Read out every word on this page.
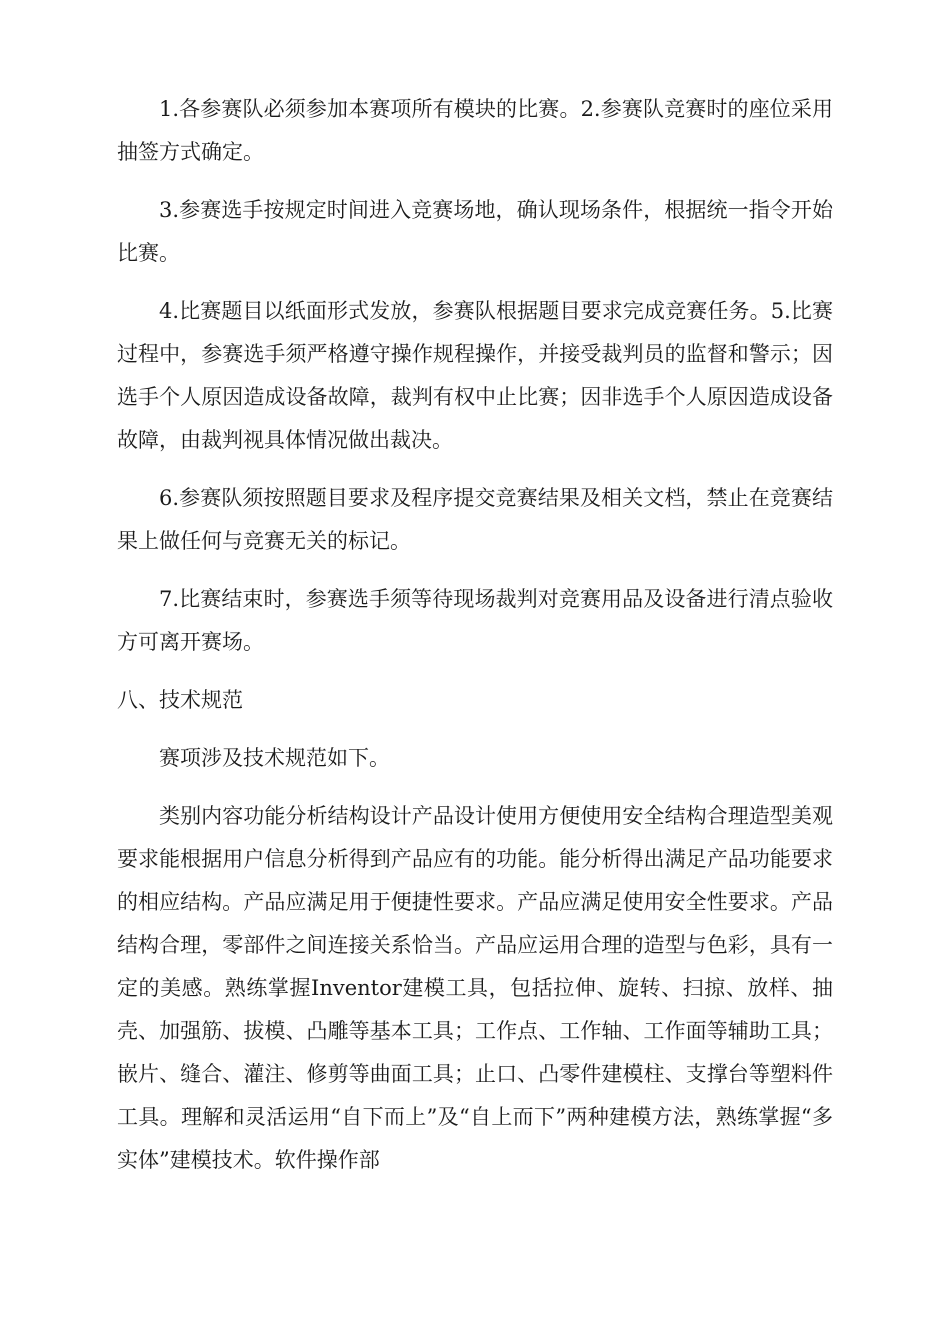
1.各参赛队必须参加本赛项所有模块的比赛。2.参赛队竞赛时的座位采用抽签方式确定。

3.参赛选手按规定时间进入竞赛场地，确认现场条件，根据统一指令开始比赛。

4.比赛题目以纸面形式发放，参赛队根据题目要求完成竞赛任务。5.比赛过程中，参赛选手须严格遵守操作规程操作，并接受裁判员的监督和警示；因选手个人原因造成设备故障，裁判有权中止比赛；因非选手个人原因造成设备故障，由裁判视具体情况做出裁决。

6.参赛队须按照题目要求及程序提交竞赛结果及相关文档，禁止在竞赛结果上做任何与竞赛无关的标记。

7.比赛结束时，参赛选手须等待现场裁判对竞赛用品及设备进行清点验收方可离开赛场。

八、技术规范

赛项涉及技术规范如下。

类别内容功能分析结构设计产品设计使用方便使用安全结构合理造型美观要求能根据用户信息分析得到产品应有的功能。能分析得出满足产品功能要求的相应结构。产品应满足用于便捷性要求。产品应满足使用安全性要求。产品结构合理，零部件之间连接关系恰当。产品应运用合理的造型与色彩，具有一定的美感。熟练掌握Inventor建模工具，包括拉伸、旋转、扫掠、放样、抽壳、加强筋、拔模、凸雕等基本工具；工作点、工作轴、工作面等辅助工具；嵌片、缝合、灌注、修剪等曲面工具；止口、凸零件建模柱、支撑台等塑料件工具。理解和灵活运用“自下而上”及“自上而下”两种建模方法，熟练掌握“多实体”建模技术。软件操作部
